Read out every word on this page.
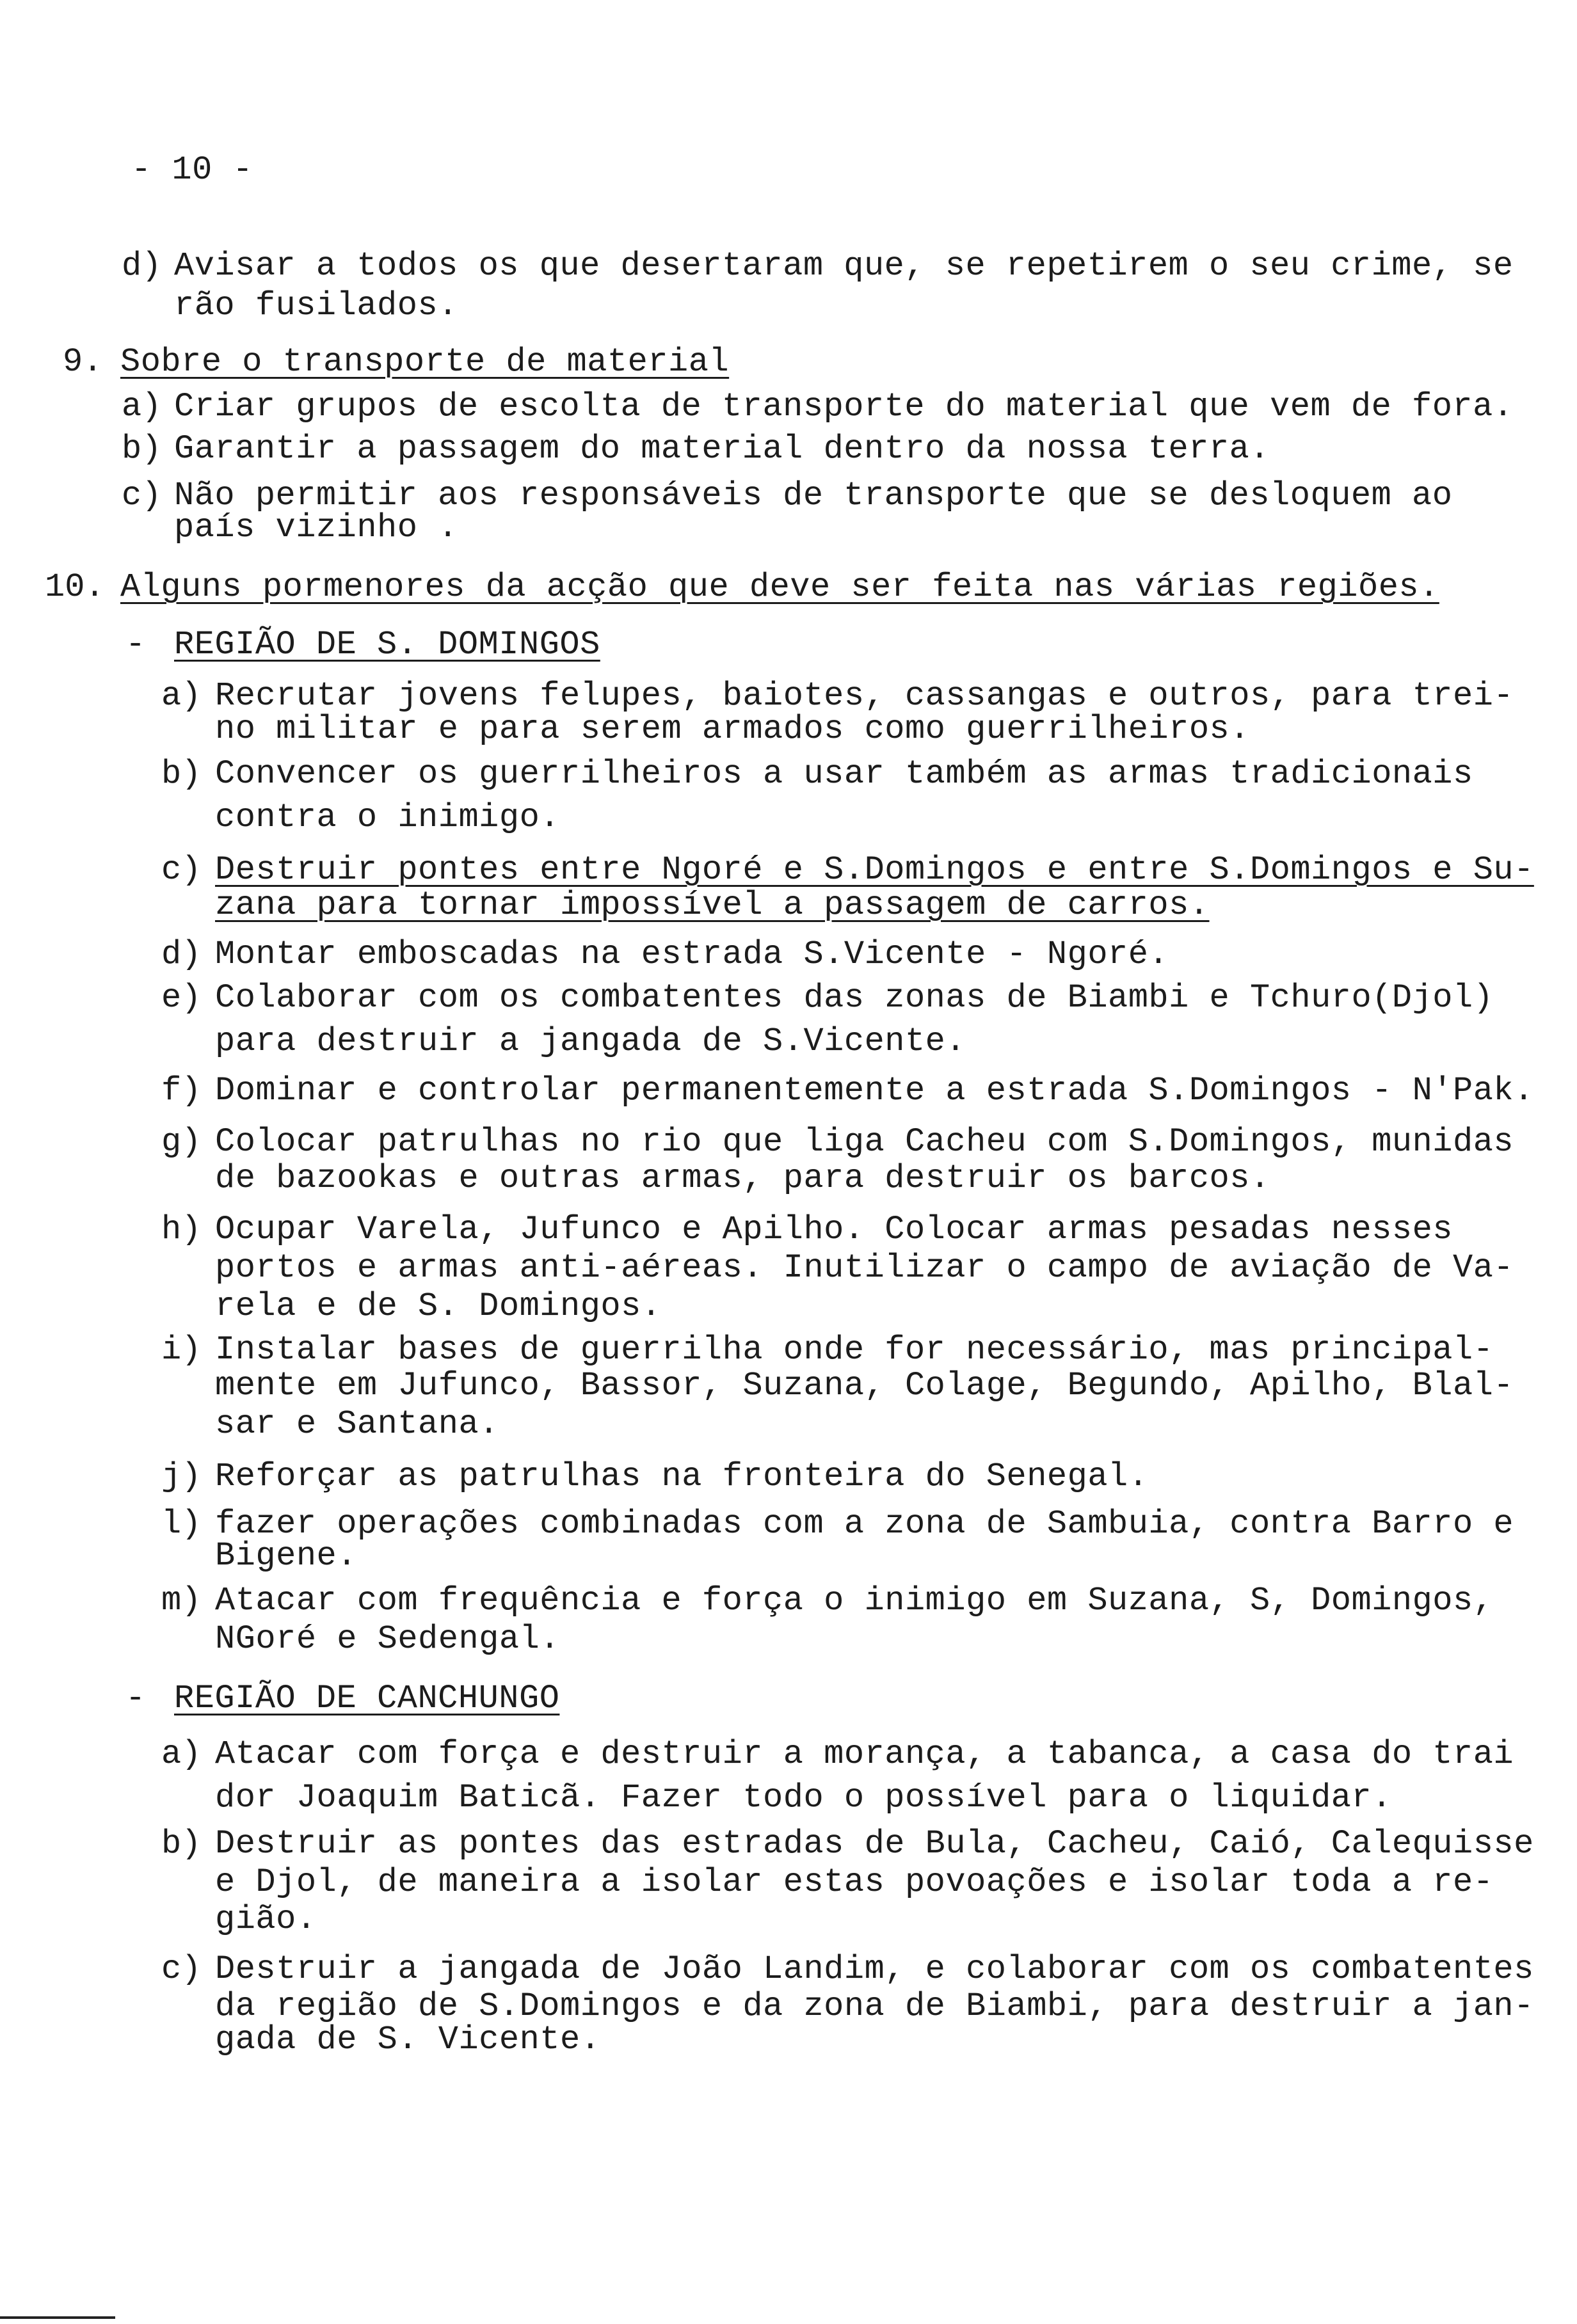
- 10 -
d) Avisar a todos os que desertaram que, se repetirem o seu crime, se
rão fusilados.
9. Sobre o transporte de material
a) Criar grupos de escolta de transporte do material que vem de fora.
b) Garantir a passagem do material dentro da nossa terra.
c) Não permitir aos responsáveis de transporte que se desloquem ao
país vizinho .
10. Alguns pormenores da acção que deve ser feita nas várias regiões.
- REGIÃO DE S. DOMINGOS
a) Recrutar jovens felupes, baiotes, cassangas e outros, para trei-
no militar e para serem armados como guerrilheiros.
b) Convencer os guerrilheiros a usar também as armas tradicionais
contra o inimigo.
c) Destruir pontes entre Ngoré e S.Domingos e entre S.Domingos e Su-
zana para tornar impossível a passagem de carros.
d) Montar emboscadas na estrada S.Vicente - Ngoré.
e) Colaborar com os combatentes das zonas de Biambi e Tchuro(Djol)
para destruir a jangada de S.Vicente.
f) Dominar e controlar permanentemente a estrada S.Domingos - N'Pak.
g) Colocar patrulhas no rio que liga Cacheu com S.Domingos, munidas
de bazookas e outras armas, para destruir os barcos.
h) Ocupar Varela, Jufunco e Apilho. Colocar armas pesadas nesses
portos e armas anti-aéreas. Inutilizar o campo de aviação de Va-
rela e de S. Domingos.
i) Instalar bases de guerrilha onde for necessário, mas principal-
mente em Jufunco, Bassor, Suzana, Colage, Begundo, Apilho, Blal-
sar e Santana.
j) Reforçar as patrulhas na fronteira do Senegal.
l) fazer operações combinadas com a zona de Sambuia, contra Barro e
Bigene.
m) Atacar com frequência e força o inimigo em Suzana, S, Domingos,
NGoré e Sedengal.
- REGIÃO DE CANCHUNGO
a) Atacar com força e destruir a morança, a tabanca, a casa do trai
dor Joaquim Baticã. Fazer todo o possível para o liquidar.
b) Destruir as pontes das estradas de Bula, Cacheu, Caió, Calequisse
e Djol, de maneira a isolar estas povoações e isolar toda a re-
gião.
c) Destruir a jangada de João Landim, e colaborar com os combatentes
da região de S.Domingos e da zona de Biambi, para destruir a jan-
gada de S. Vicente.
